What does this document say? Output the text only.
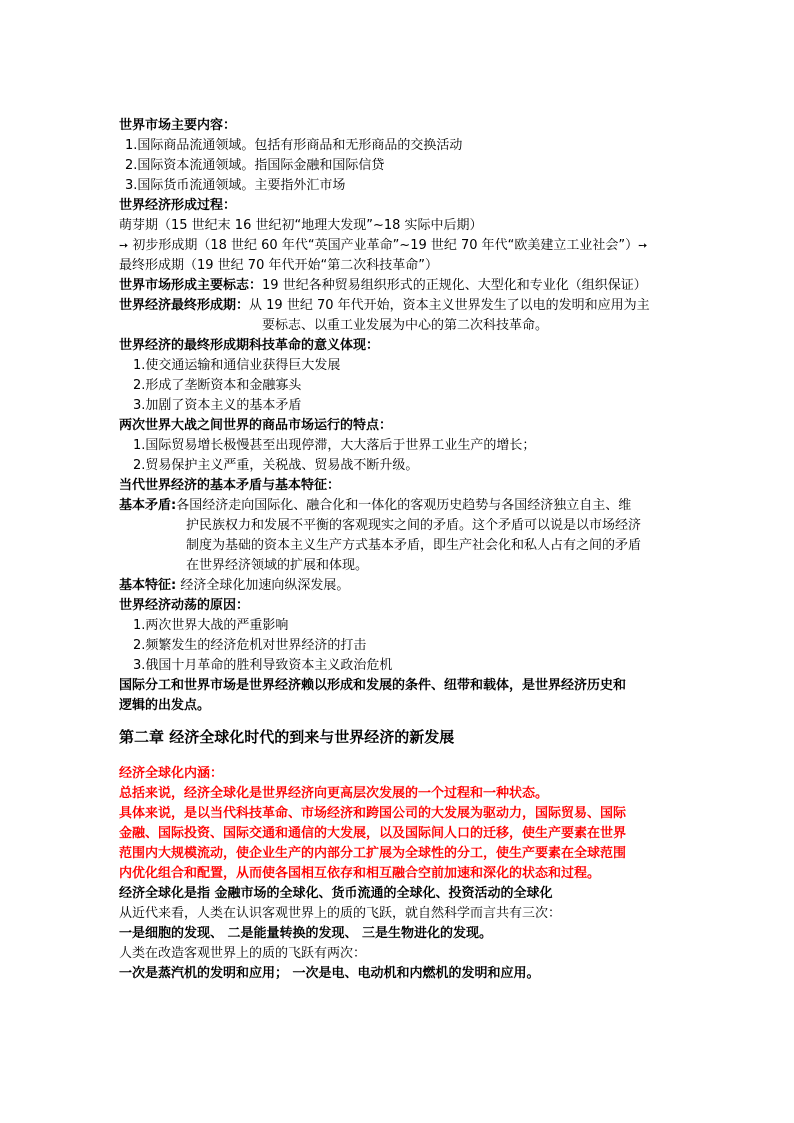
世界市场主要内容：
1.国际商品流通领域。包括有形商品和无形商品的交换活动
2.国际资本流通领域。指国际金融和国际信贷
3.国际货币流通领域。主要指外汇市场
世界经济形成过程：
萌芽期（15 世纪末 16 世纪初“地理大发现”~18 实际中后期）
➙ 初步形成期（18 世纪 60 年代“英国产业革命”~19 世纪 70 年代“欧美建立工业社会”）➙
最终形成期（19 世纪 70 年代开始“第二次科技革命”）
世界市场形成主要标志：19 世纪各种贸易组织形式的正规化、大型化和专业化（组织保证）
世界经济最终形成期：从 19 世纪 70 年代开始，资本主义世界发生了以电的发明和应用为主
要标志、以重工业发展为中心的第二次科技革命。
世界经济的最终形成期科技革命的意义体现：
1.使交通运输和通信业获得巨大发展
2.形成了垄断资本和金融寡头
3.加剧了资本主义的基本矛盾
两次世界大战之间世界的商品市场运行的特点：
1.国际贸易增长极慢甚至出现停滞，大大落后于世界工业生产的增长；
2.贸易保护主义严重，关税战、贸易战不断升级。
当代世界经济的基本矛盾与基本特征：
基本矛盾:各国经济走向国际化、融合化和一体化的客观历史趋势与各国经济独立自主、维
护民族权力和发展不平衡的客观现实之间的矛盾。这个矛盾可以说是以市场经济
制度为基础的资本主义生产方式基本矛盾，即生产社会化和私人占有之间的矛盾
在世界经济领域的扩展和体现。
基本特征: 经济全球化加速向纵深发展。
世界经济动荡的原因：
1.两次世界大战的严重影响
2.频繁发生的经济危机对世界经济的打击
3.俄国十月革命的胜利导致资本主义政治危机
国际分工和世界市场是世界经济赖以形成和发展的条件、纽带和载体，是世界经济历史和
逻辑的出发点。
第二章 经济全球化时代的到来与世界经济的新发展
经济全球化内涵：
总括来说，经济全球化是世界经济向更高层次发展的一个过程和一种状态。
具体来说，是以当代科技革命、市场经济和跨国公司的大发展为驱动力，国际贸易、国际
金融、国际投资、国际交通和通信的大发展，以及国际间人口的迁移，使生产要素在世界
范围内大规模流动，使企业生产的内部分工扩展为全球性的分工，使生产要素在全球范围
内优化组合和配置，从而使各国相互依存和相互融合空前加速和深化的状态和过程。
经济全球化是指 金融市场的全球化、货币流通的全球化、投资活动的全球化
从近代来看，人类在认识客观世界上的质的飞跃，就自然科学而言共有三次：
一是细胞的发现、 二是能量转换的发现、 三是生物进化的发现。
人类在改造客观世界上的质的飞跃有两次：
一次是蒸汽机的发明和应用； 一次是电、电动机和内燃机的发明和应用。
